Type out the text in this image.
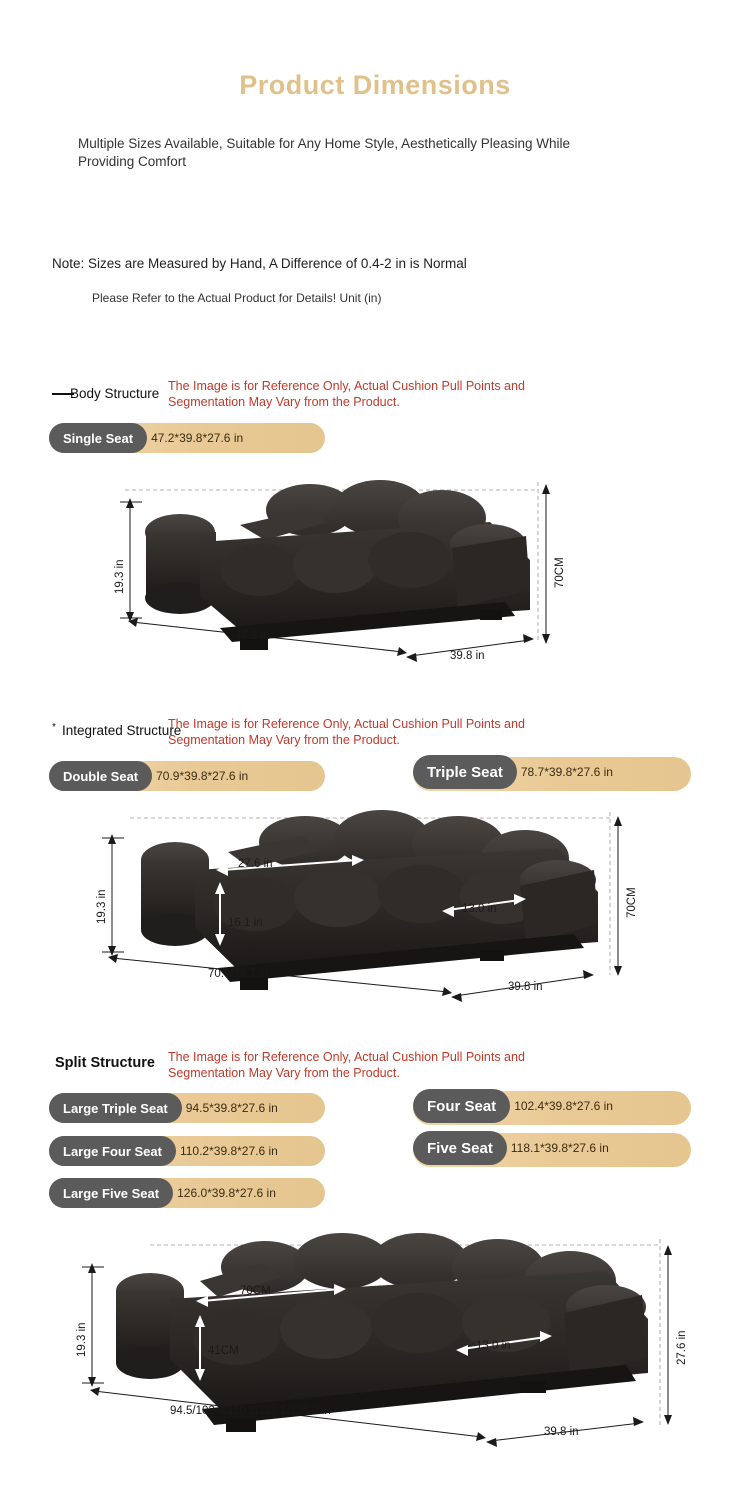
Product Dimensions
Multiple Sizes Available, Suitable for Any Home Style, Aesthetically Pleasing While Providing Comfort
Note: Sizes are Measured by Hand, A Difference of 0.4-2 in is Normal
Please Refer to the Actual Product for Details! Unit (in)
Body Structure The Image is for Reference Only, Actual Cushion Pull Points and Segmentation May Vary from the Product.
Single Seat	47.2*39.8*27.6 in
19.3 in	70CM
47.2 in
39.8 in
* Integrated Structure
The Image is for Reference Only, Actual Cushion Pull Points and Segmentation May Vary from the Product.
Double Seat	70.9*39.8*27.6 in	Triple Seat	78.7*39.8*27.6 in
19.3 in	70CM
27.6 in
16.1 in
13.0 in
70.9/78.7 in
39.8 in
Split Structure The Image is for Reference Only, Actual Cushion Pull Points and Segmentation May Vary from the Product.
Large Triple Seat	94.5*39.8*27.6 in	Four Seat	102.4*39.8*27.6 in
Large Four Seat	110.2*39.8*27.6 in	Five Seat	118.1*39.8*27.6 in
Large Five Seat	126.0*39.8*27.6 in
19.3 in	27.6 in
70CM
41CM	13.0 in
94.5/102.4/110.2/118.1/126.0 in
39.8 in
